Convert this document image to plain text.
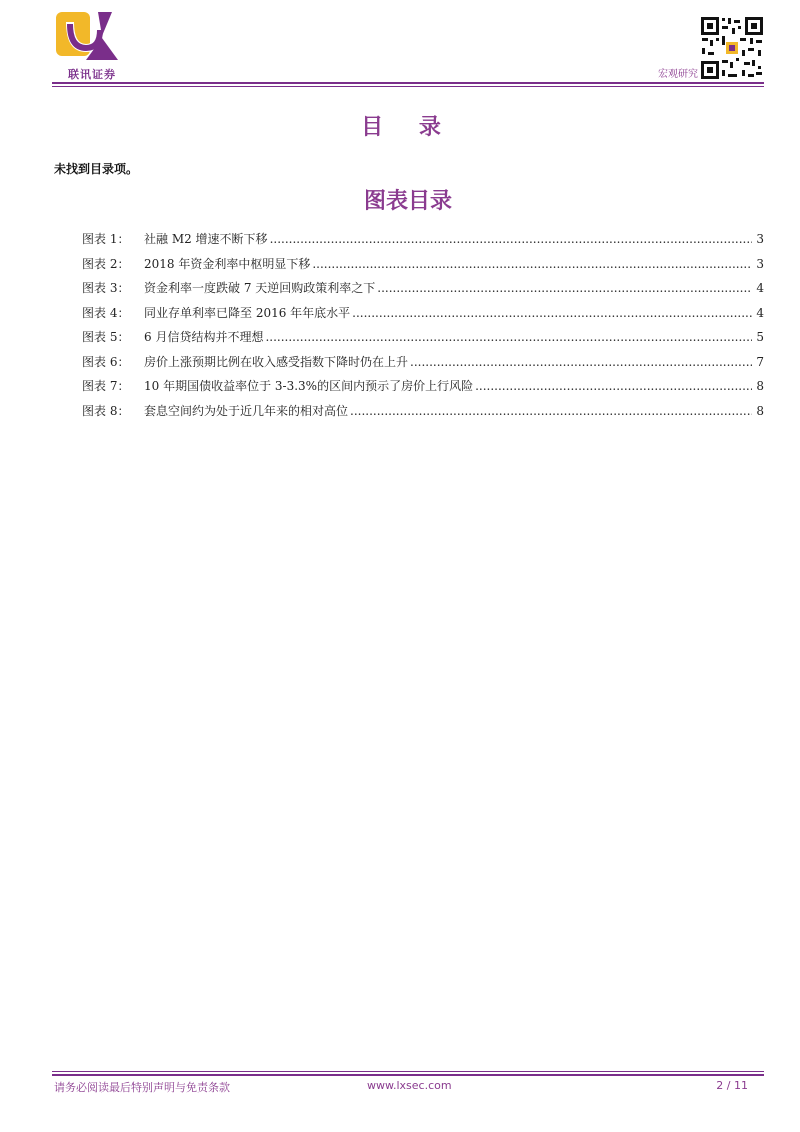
联讯证券	宏观研究
目 录
未找到目录项。
图表目录
图表 1：	社融 M2 增速不断下移 .....	3
图表 2：	2018 年资金利率中枢明显下移 .....	3
图表 3：	资金利率一度跌破 7 天逆回购政策利率之下 .....	4
图表 4：	同业存单利率已降至 2016 年年底水平 .....	4
图表 5：	6 月信贷结构并不理想 .....	5
图表 6：	房价上涨预期比例在收入感受指数下降时仍在上升 .....	7
图表 7：	10 年期国债收益率位于 3-3.3%的区间内预示了房价上行风险 .....	8
图表 8：	套息空间约为处于近几年来的相对高位 .....	8
请务必阅读最后特别声明与免责条款	www.lxsec.com	2 / 11
